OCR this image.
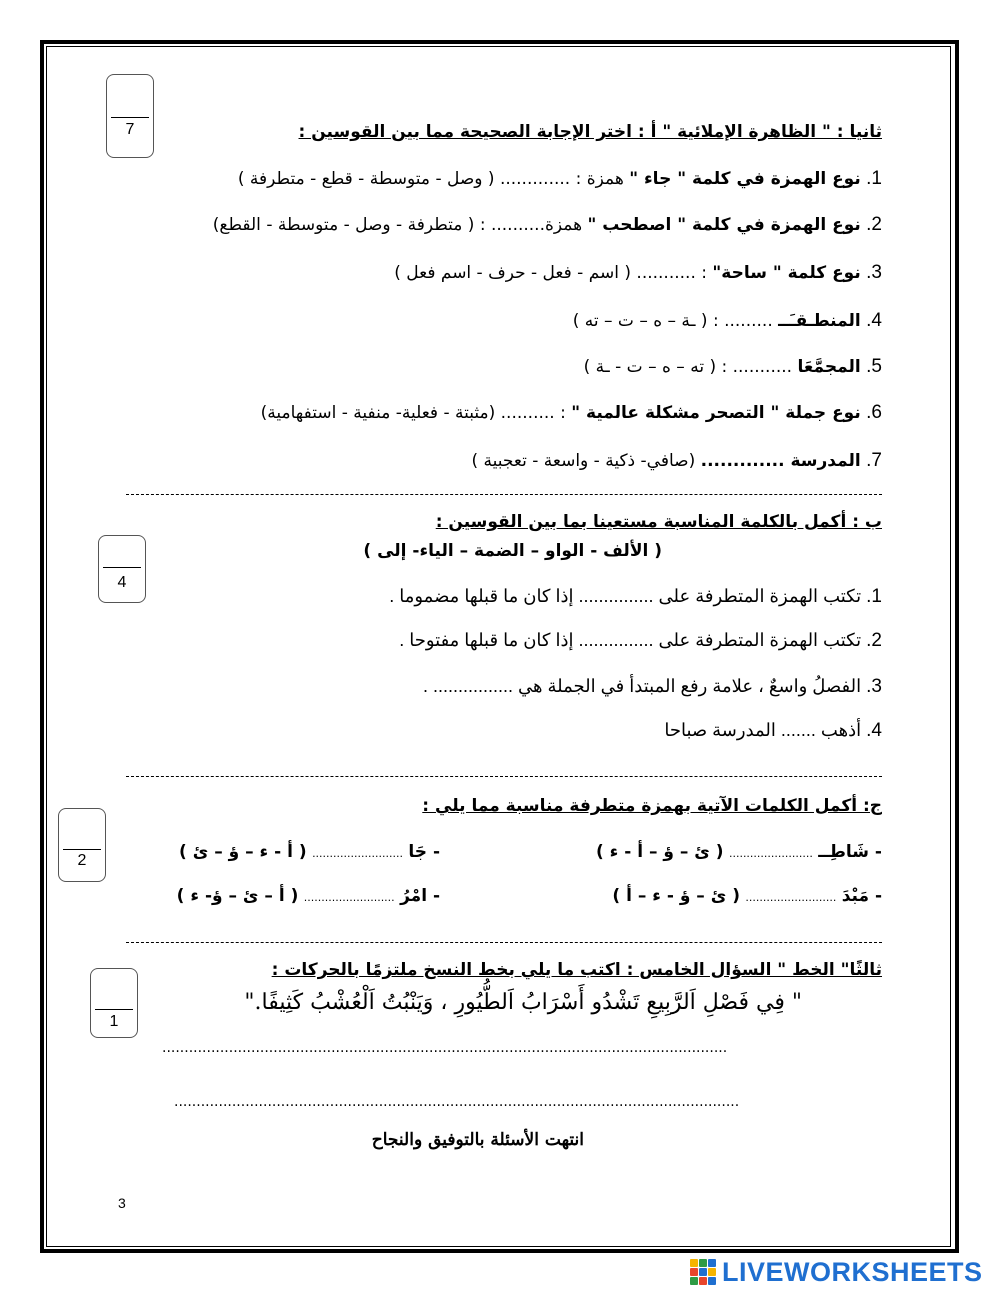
7	ثانيا : " الظاهرة الإملائية " أ : اختر الإجابة الصحيحة مما بين القوسين :
1. نوع الهمزة في كلمة " جاء " همزة : ............. ( وصل - متوسطة - قطع - متطرفة )
2. نوع الهمزة في كلمة " اصطحب " همزة.......... : ( متطرفة - وصل - متوسطة - القطع)
3. نوع كلمة " ساحة" : ........... ( اسم - فعل - حرف - اسم فعل )
4. المنطـقـَــ ......... : ( ـة – ه – ت – ته )
5. المجمَّعَا ........... : ( ته – ه – ت - ـة )
6. نوع جملة " التصحر مشكلة عالمية " : .......... (مثبتة - فعلية- منفية - استفهامية)
7. المدرسة ............. (صافي- ذكية - واسعة - تعجبية )
4
ب : أكمل بالكلمة المناسبة مستعينا بما بين القوسين :
( الألف - الواو – الضمة – الياء- إلى )
1. تكتب الهمزة المتطرفة على ............... إذا كان ما قبلها مضموما .
2. تكتب الهمزة المتطرفة على ............... إذا كان ما قبلها مفتوحا .
3. الفصلُ واسعٌ ، علامة رفع المبتدأ في الجملة هي ................ .
4. أذهب ....... المدرسة صباحا
2
ج: أكمل الكلمات الآتية بهمزة متطرفة مناسبة مما يلي :
- شَاطِــ ........................ ( ئ – ؤ – أ - ء )
- جَا .......................... ( أ - ء – ؤ – ئ )
- مَبْدَ .......................... ( ئ – ؤ - ء – أ )
- امْرُ .......................... ( أ – ئ – ؤ- ء )
1
ثالثًا" الخط " السؤال الخامس : اكتب ما يلي بخط النسخ ملتزمًا بالحركات :
" فِي فَصْلِ اَلرَّبِيعِ تَشْدُو أَسْرَابُ اَلطُّيُورِ ، وَيَنْبُتُ اَلْعُشْبُ كَثِيفًا."
...............................................................................................................................
...............................................................................................................................
انتهت الأسئلة بالتوفيق والنجاح
3
LIVEWORKSHEETS
